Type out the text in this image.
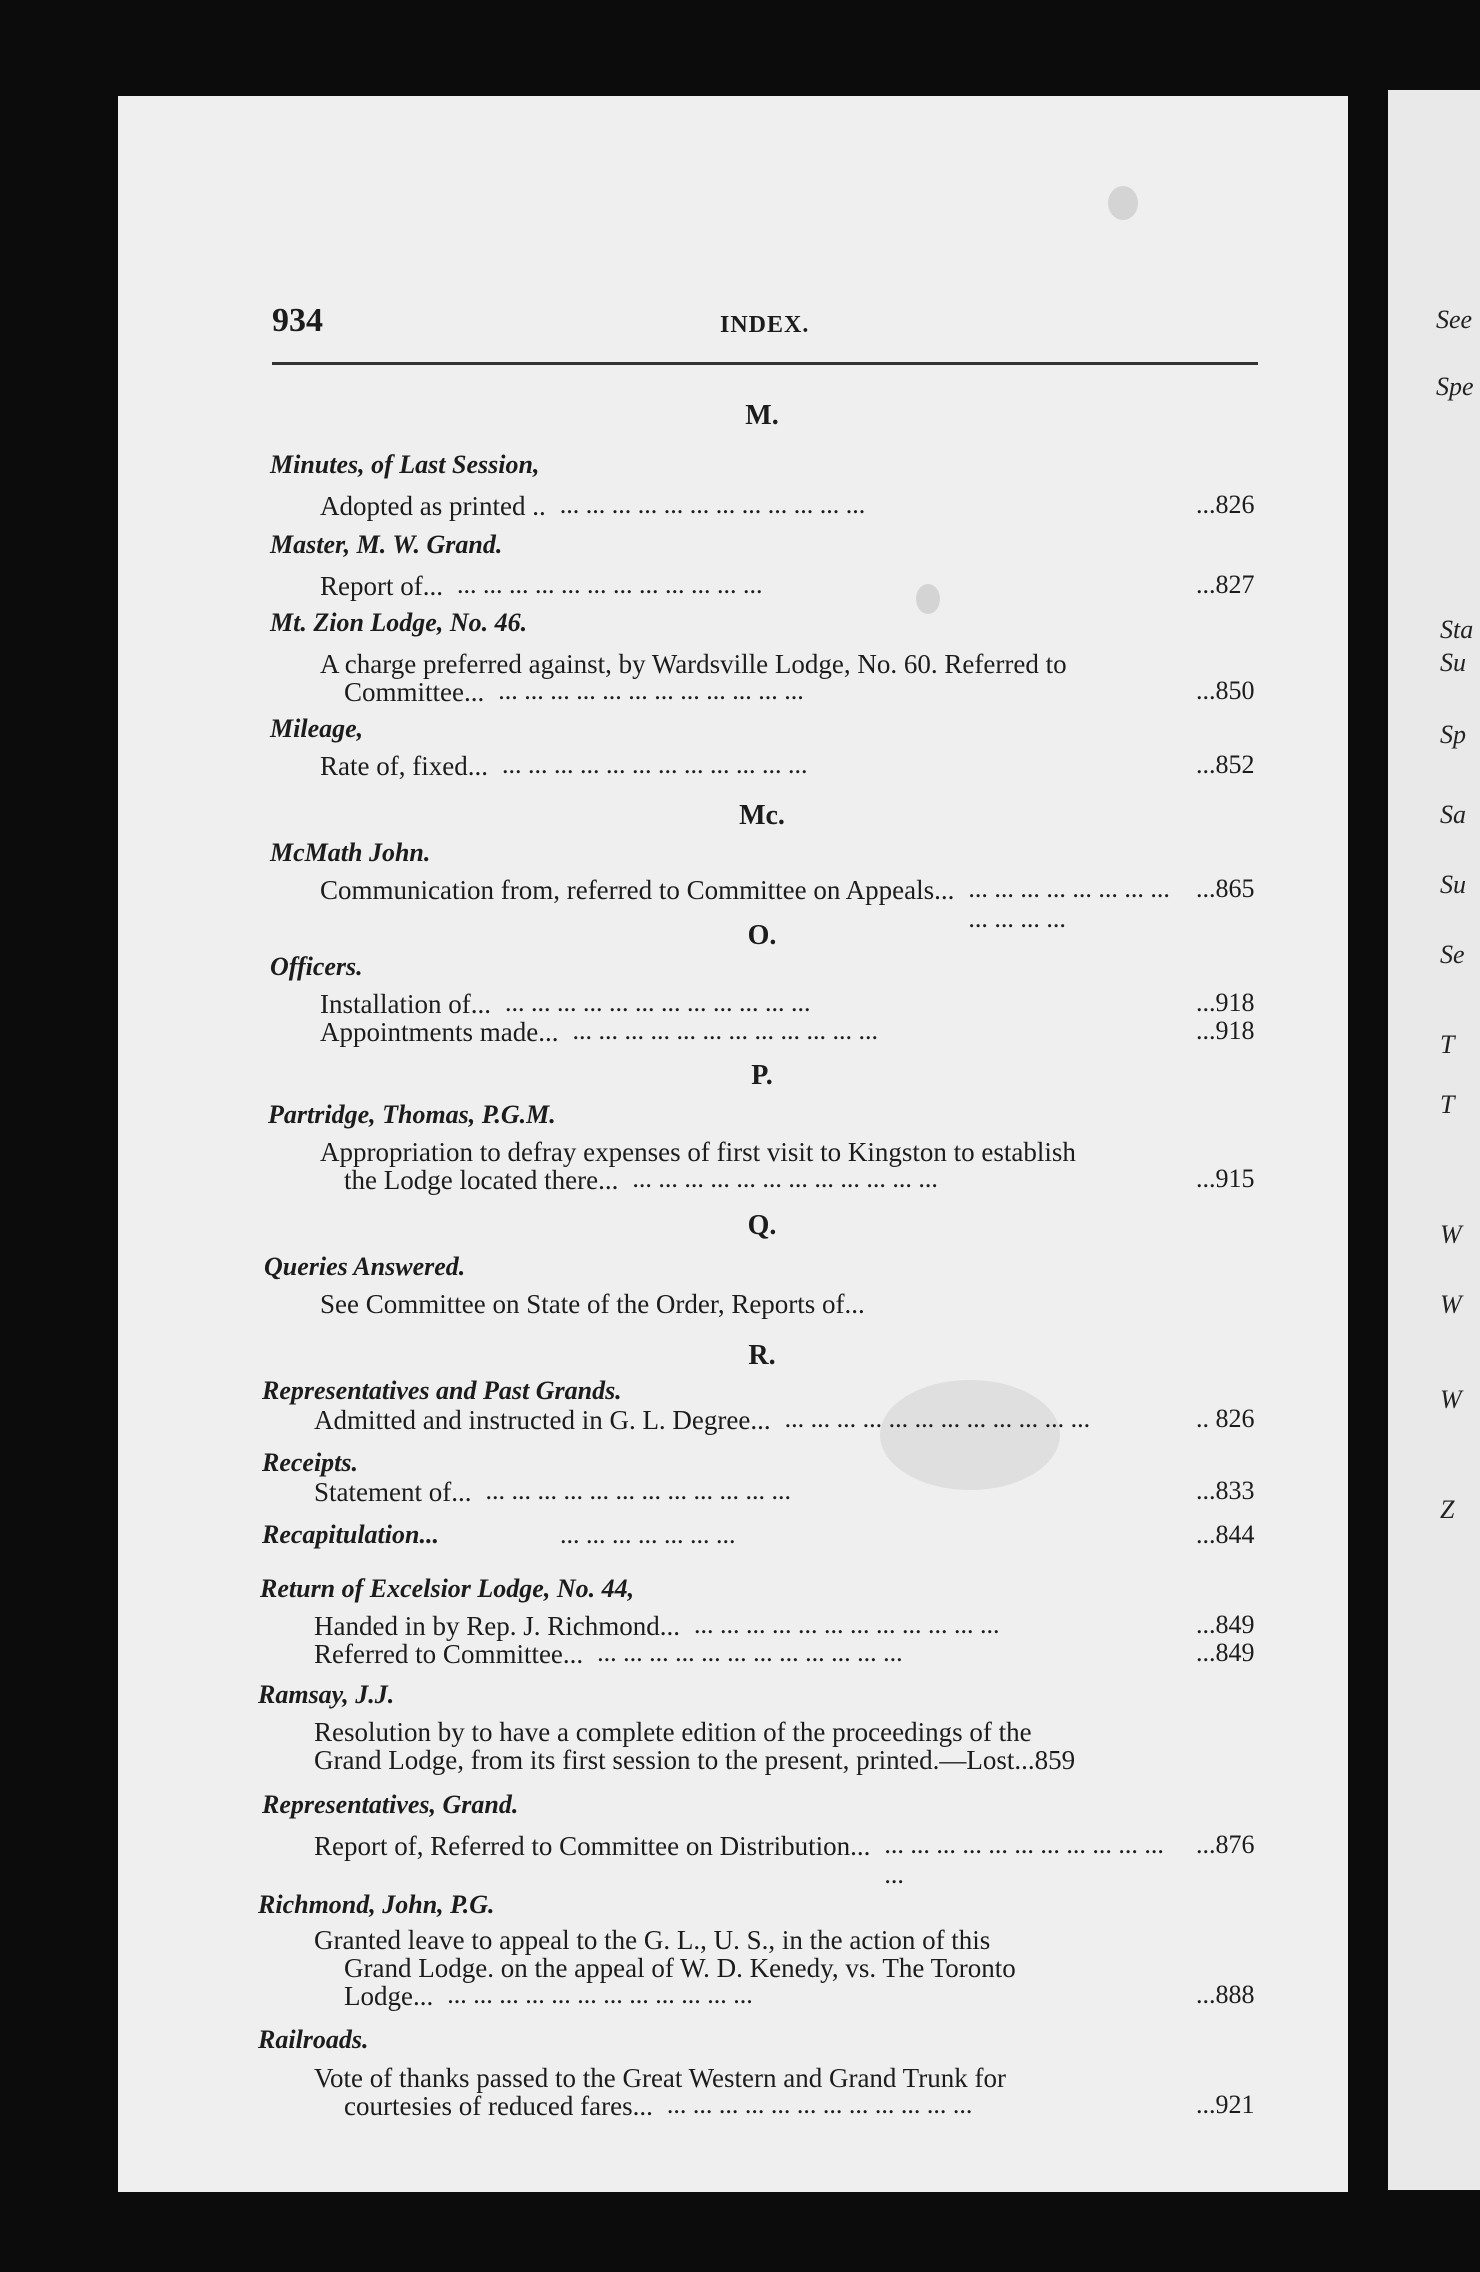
See
Spe
Sta
Su
Sp
Sa
Su
Se
T
T
W
W
W
Z
934	INDEX.
M.
Minutes, of Last Session,
Adopted as printed ..	...826
... ... ... ... ... ... ... ... ... ... ... ...
Master, M. W. Grand.
Report of...	...827
... ... ... ... ... ... ... ... ... ... ... ...
Mt. Zion Lodge, No. 46.
A charge preferred against, by Wardsville Lodge, No. 60. Referred to
Committee...	...850
... ... ... ... ... ... ... ... ... ... ... ...
Mileage,
Rate of, fixed...	...852
... ... ... ... ... ... ... ... ... ... ... ...
Mc.
McMath John.
Communication from, referred to Committee on Appeals...	...865
... ... ... ... ... ... ... ... ... ... ... ...
O.
Officers.
Installation of...	...918
... ... ... ... ... ... ... ... ... ... ... ...
Appointments made...	...918
... ... ... ... ... ... ... ... ... ... ... ...
P.
Partridge, Thomas, P.G.M.
Appropriation to defray expenses of first visit to Kingston to establish
the Lodge located there...	...915
... ... ... ... ... ... ... ... ... ... ... ...
Q.
Queries Answered.
See Committee on State of the Order, Reports of...
R.
Representatives and Past Grands.
Admitted and instructed in G. L. Degree...	.. 826
... ... ... ... ... ... ... ... ... ... ... ...
Receipts.
Statement of...	...833
... ... ... ... ... ... ... ... ... ... ... ...
Recapitulation...	... ... ... ... ... ... ...	...844
Return of Excelsior Lodge, No. 44,
Handed in by Rep. J. Richmond...	...849
... ... ... ... ... ... ... ... ... ... ... ...
Referred to Committee...	...849
... ... ... ... ... ... ... ... ... ... ... ...
Ramsay, J.J.
Resolution by to have a complete edition of the proceedings of the
Grand Lodge, from its first session to the present, printed.—Lost...859
Representatives, Grand.
Report of, Referred to Committee on Distribution...	...876
... ... ... ... ... ... ... ... ... ... ... ...
Richmond, John, P.G.
Granted leave to appeal to the G. L., U. S., in the action of this
Grand Lodge. on the appeal of W. D. Kenedy, vs. The Toronto
Lodge...	...888
... ... ... ... ... ... ... ... ... ... ... ...
Railroads.
Vote of thanks passed to the Great Western and Grand Trunk for
courtesies of reduced fares...	...921
... ... ... ... ... ... ... ... ... ... ... ...
